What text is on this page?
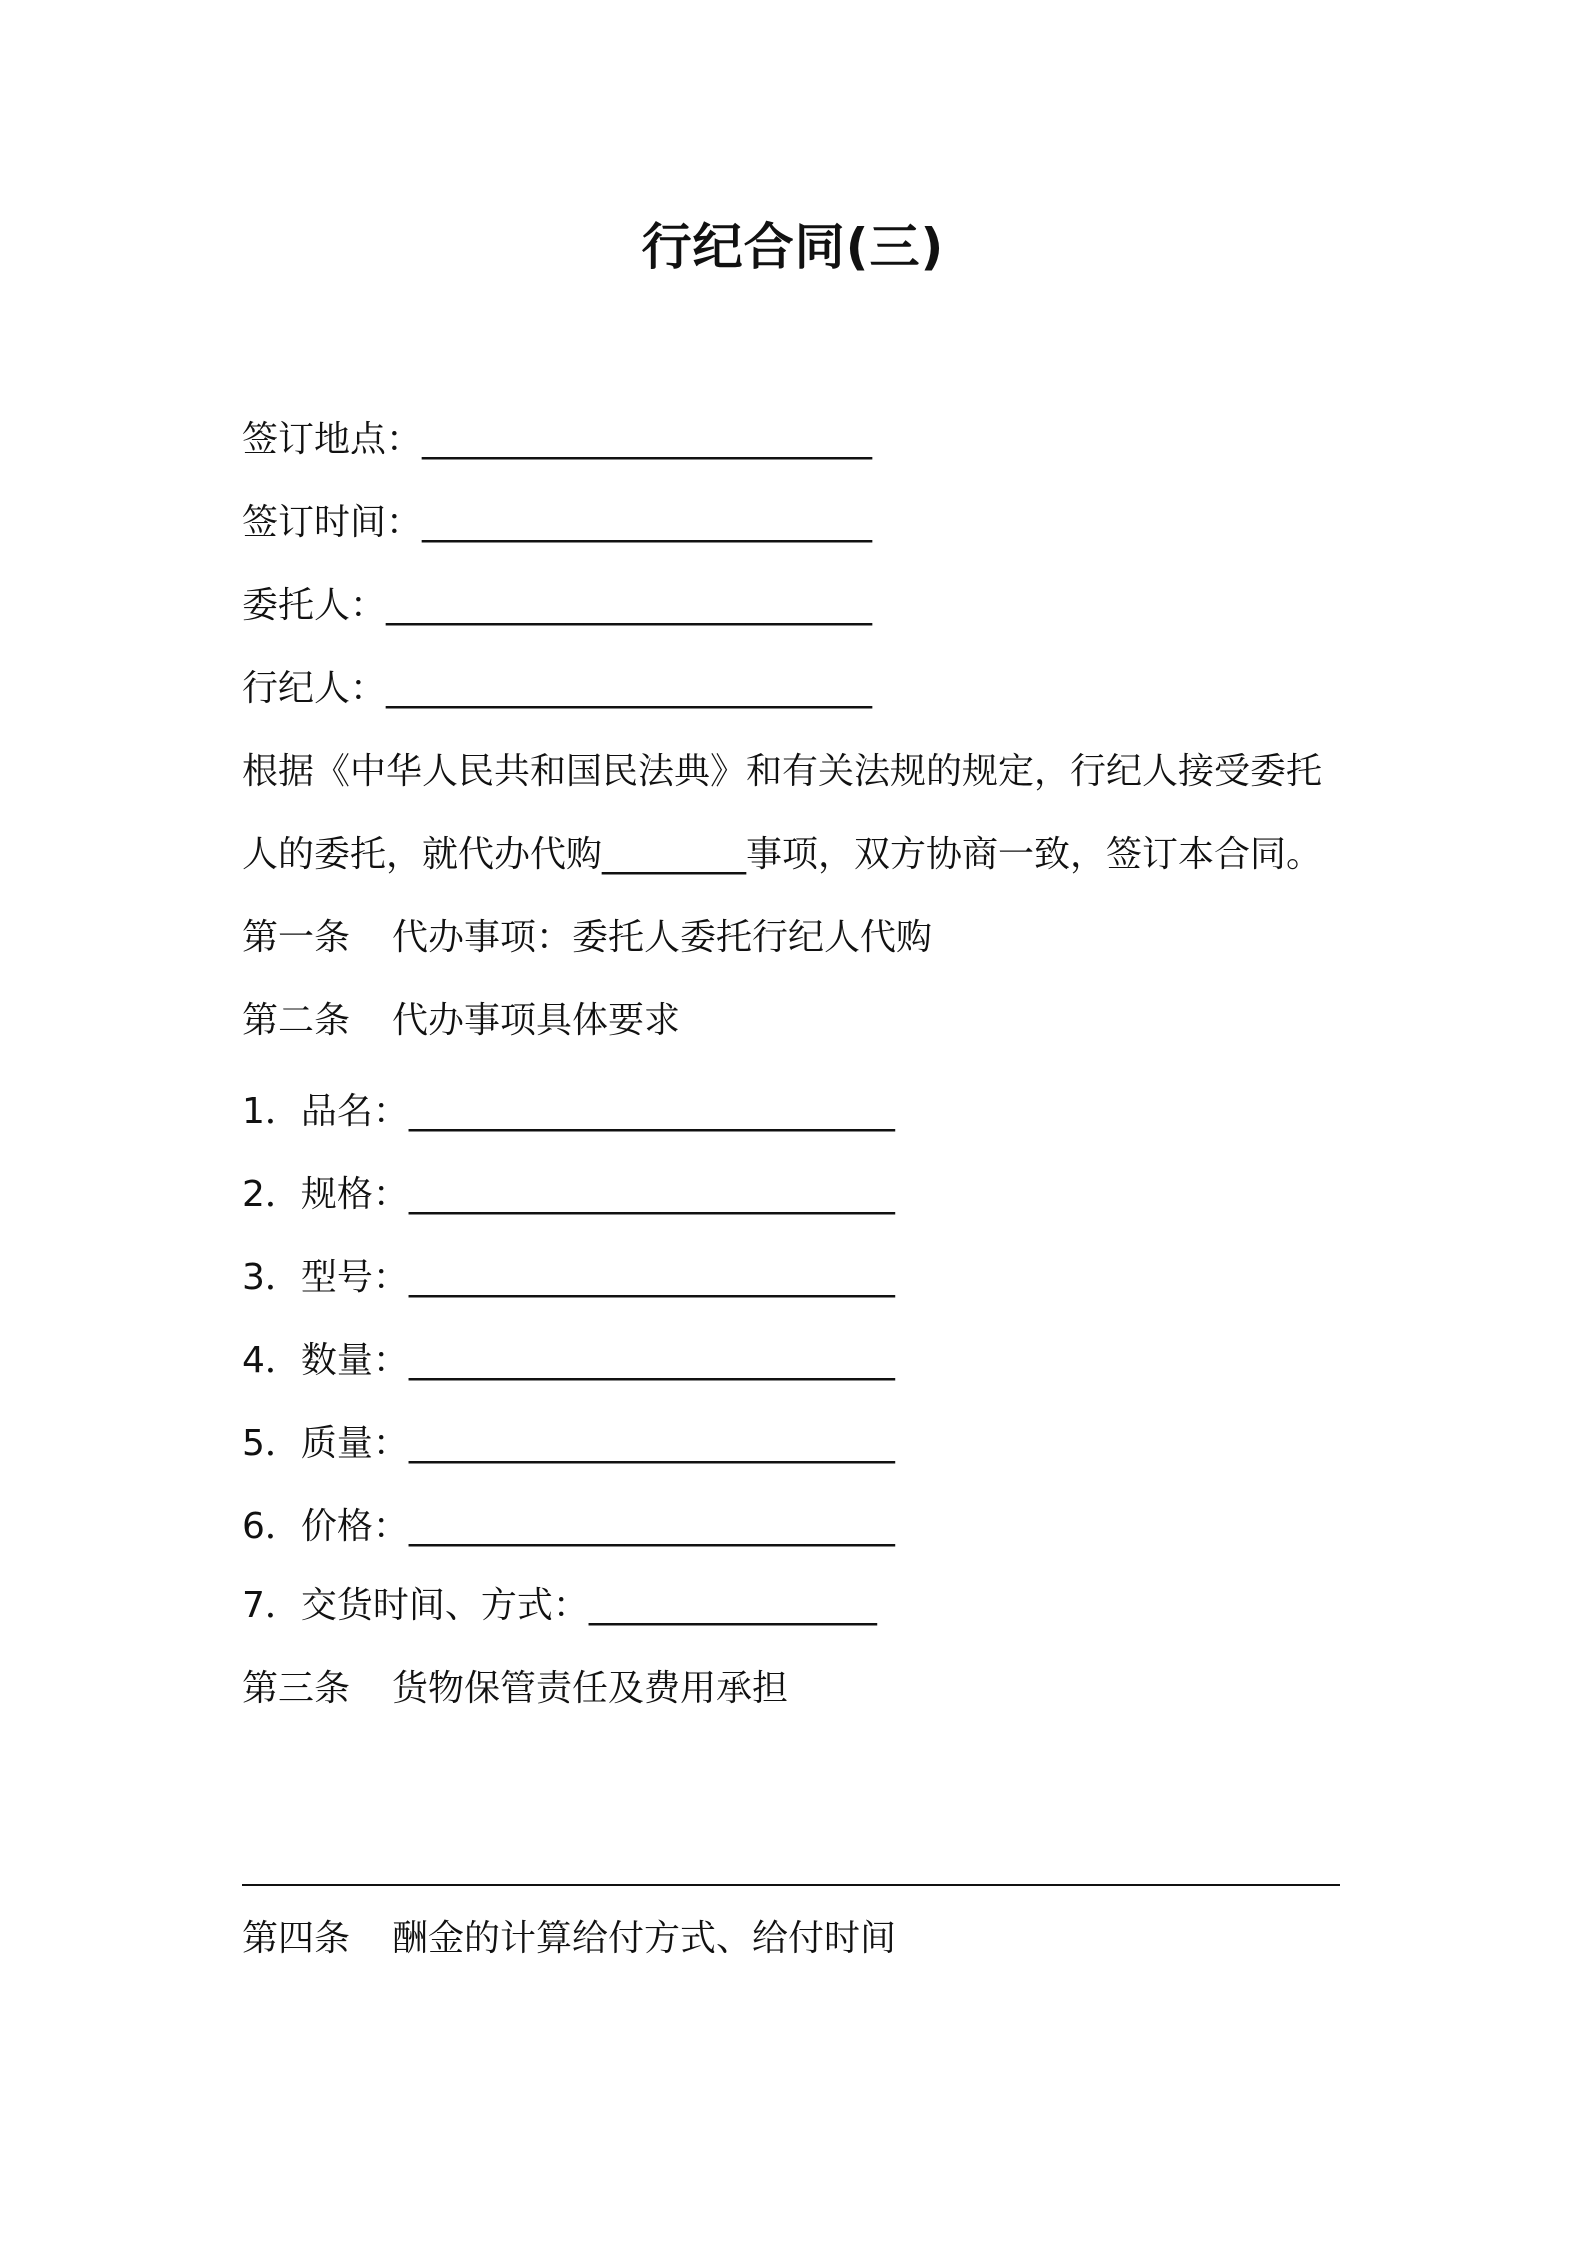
行纪合同(三)
签订地点：_________________________
签订时间：_________________________
委托人：___________________________
行纪人：___________________________
根据《中华人民共和国民法典》和有关法规的规定，行纪人接受委托
人的委托，就代办代购________事项，双方协商一致，签订本合同。
第一条 代办事项：委托人委托行纪人代购
第二条 代办事项具体要求
1．品名：___________________________
2．规格：___________________________
3．型号：___________________________
4．数量：___________________________
5．质量：___________________________
6．价格：___________________________
7．交货时间、方式：________________
第三条 货物保管责任及费用承担
第四条 酬金的计算给付方式、给付时间
